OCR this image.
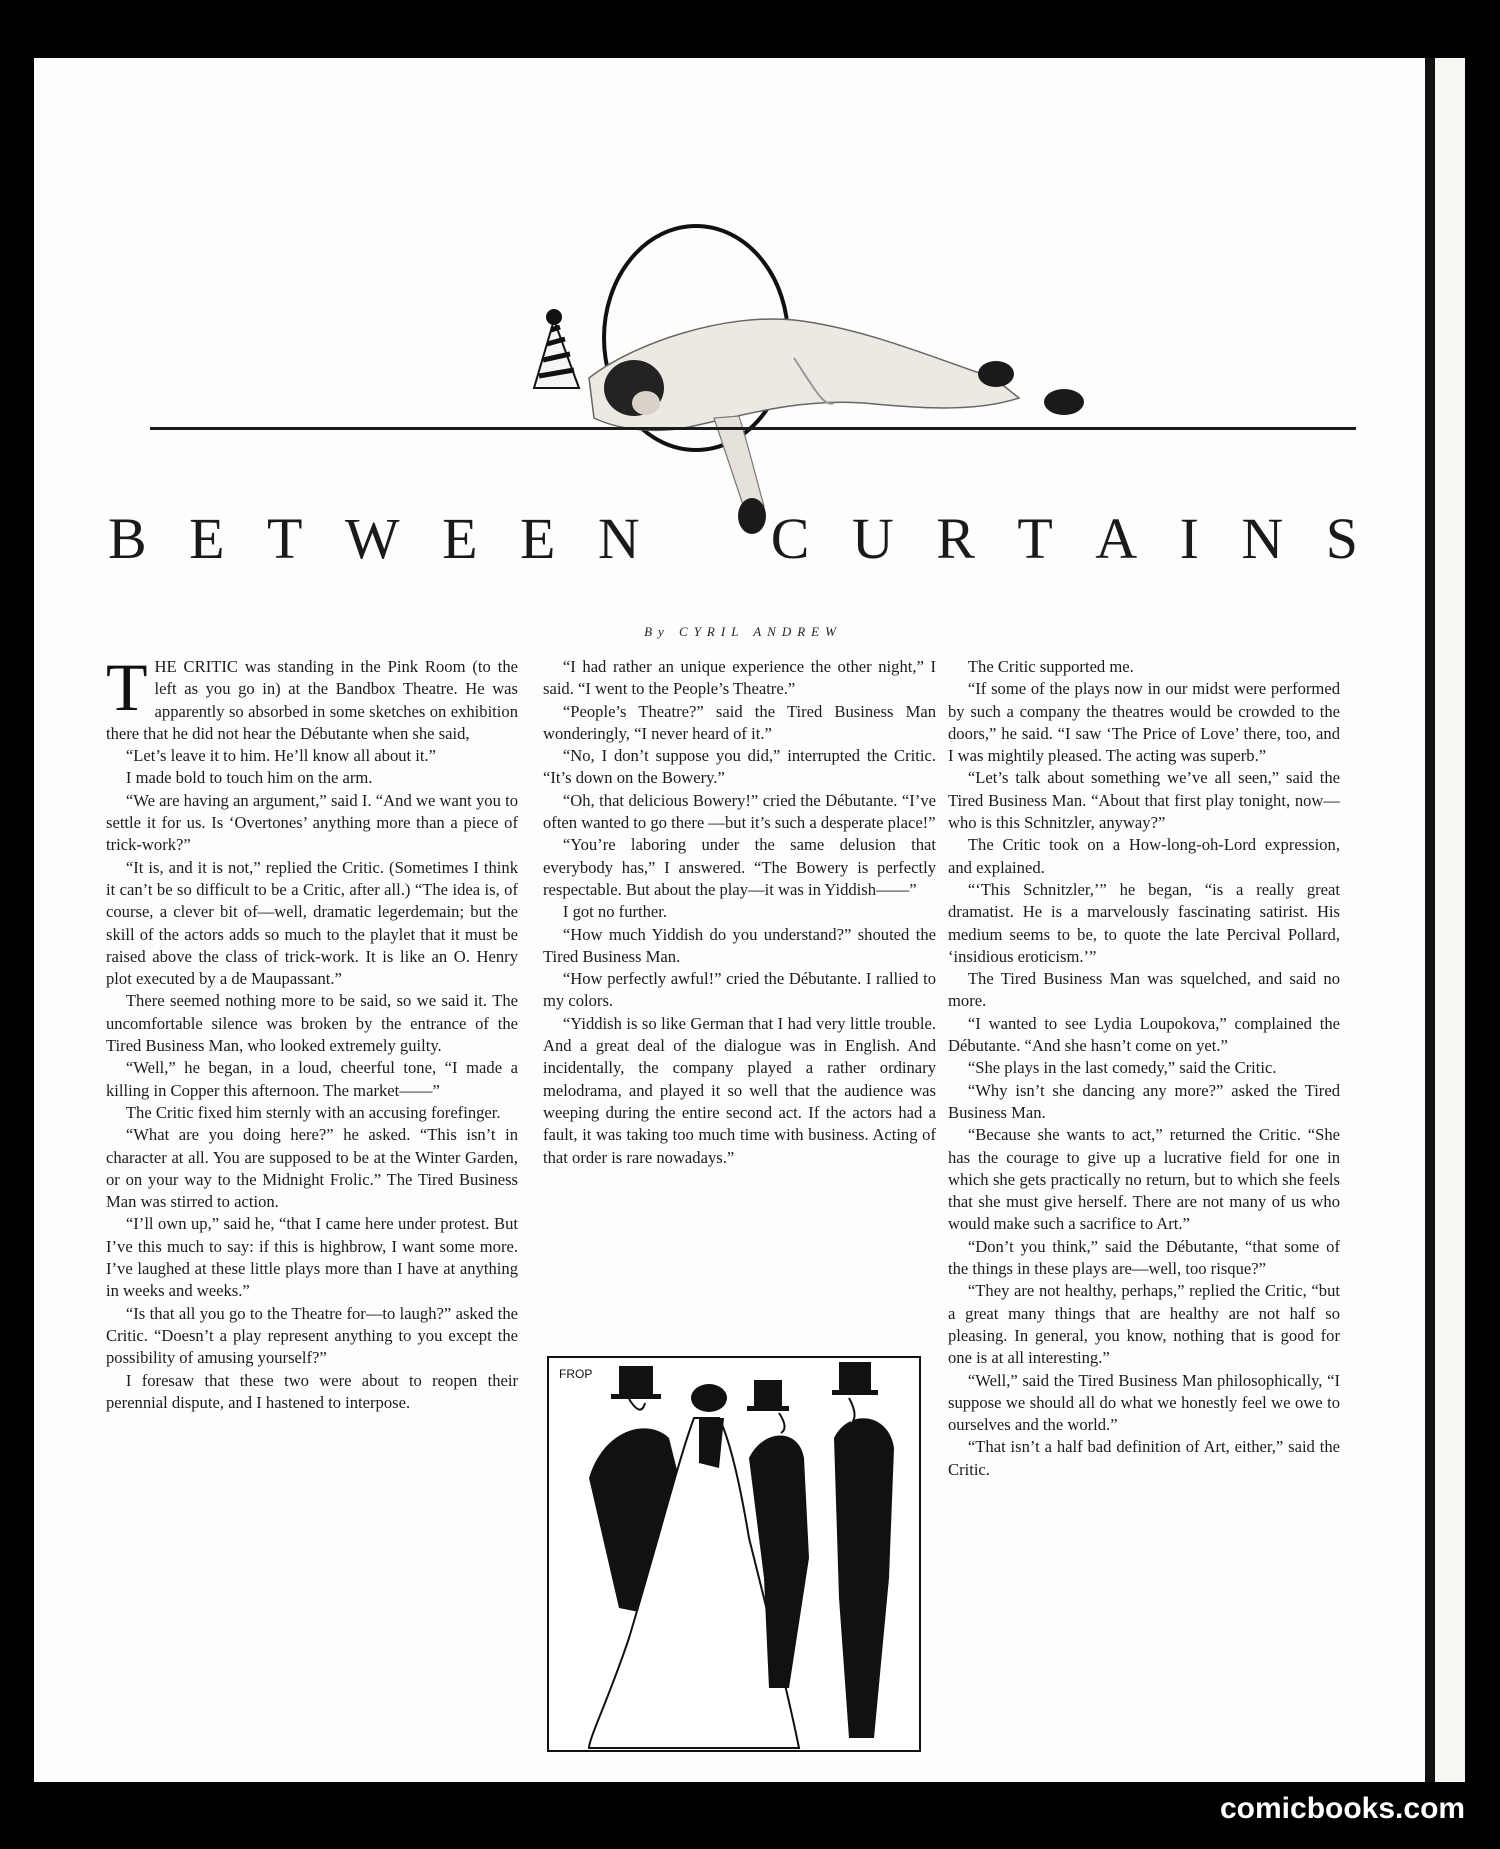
B E T W E E N C U R T A I N S
By CYRIL ANDREW

THE CRITIC was standing in the Pink Room (to the left as you go in) at the Bandbox Theatre. He was apparently so absorbed in some sketches on exhibition there that he did not hear the Débutante when she said,

“Let’s leave it to him. He’ll know all about it.”

I made bold to touch him on the arm.

“We are having an argument,” said I. “And we want you to settle it for us. Is ‘Overtones’ anything more than a piece of trick-work?”

“It is, and it is not,” replied the Critic. (Sometimes I think it can’t be so difficult to be a Critic, after all.) “The idea is, of course, a clever bit of—well, dramatic legerdemain; but the skill of the actors adds so much to the playlet that it must be raised above the class of trick-work. It is like an O. Henry plot executed by a de Maupassant.”

There seemed nothing more to be said, so we said it. The uncomfortable silence was broken by the entrance of the Tired Business Man, who looked extremely guilty.

“Well,” he began, in a loud, cheerful tone, “I made a killing in Copper this afternoon. The market——”

The Critic fixed him sternly with an accusing forefinger.

“What are you doing here?” he asked. “This isn’t in character at all. You are supposed to be at the Winter Garden, or on your way to the Midnight Frolic.” The Tired Business Man was stirred to action.

“I’ll own up,” said he, “that I came here under protest. But I’ve this much to say: if this is highbrow, I want some more. I’ve laughed at these little plays more than I have at anything in weeks and weeks.”

“Is that all you go to the Theatre for—to laugh?” asked the Critic. “Doesn’t a play represent anything to you except the possibility of amusing yourself?”

I foresaw that these two were about to reopen their perennial dispute, and I hastened to interpose.

“I had rather an unique experience the other night,” I said. “I went to the People’s Theatre.”

“People’s Theatre?” said the Tired Business Man wonderingly, “I never heard of it.”

“No, I don’t suppose you did,” interrupted the Critic. “It’s down on the Bowery.”

“Oh, that delicious Bowery!” cried the Débutante. “I’ve often wanted to go there —but it’s such a desperate place!”

“You’re laboring under the same delusion that everybody has,” I answered. “The Bowery is perfectly respectable. But about the play—it was in Yiddish——”

I got no further.

“How much Yiddish do you understand?” shouted the Tired Business Man.

“How perfectly awful!” cried the Débutante. I rallied to my colors.

“Yiddish is so like German that I had very little trouble. And a great deal of the dialogue was in English. And incidentally, the company played a rather ordinary melodrama, and played it so well that the audience was weeping during the entire second act. If the actors had a fault, it was taking too much time with business. Acting of that order is rare nowadays.”

The Critic supported me.

“If some of the plays now in our midst were performed by such a company the theatres would be crowded to the doors,” he said. “I saw ‘The Price of Love’ there, too, and I was mightily pleased. The acting was superb.”

“Let’s talk about something we’ve all seen,” said the Tired Business Man. “About that first play tonight, now—who is this Schnitzler, anyway?”

The Critic took on a How-long-oh-Lord expression, and explained.

“‘This Schnitzler,’” he began, “is a really great dramatist. He is a marvelously fascinating satirist. His medium seems to be, to quote the late Percival Pollard, ‘insidious eroticism.’”

The Tired Business Man was squelched, and said no more.

“I wanted to see Lydia Loupokova,” complained the Débutante. “And she hasn’t come on yet.”

“She plays in the last comedy,” said the Critic.

“Why isn’t she dancing any more?” asked the Tired Business Man.

“Because she wants to act,” returned the Critic. “She has the courage to give up a lucrative field for one in which she gets practically no return, but to which she feels that she must give herself. There are not many of us who would make such a sacrifice to Art.”

“Don’t you think,” said the Débutante, “that some of the things in these plays are—well, too risque?”

“They are not healthy, perhaps,” replied the Critic, “but a great many things that are healthy are not half so pleasing. In general, you know, nothing that is good for one is at all interesting.”

“Well,” said the Tired Business Man philosophically, “I suppose we should all do what we honestly feel we owe to ourselves and the world.”

“That isn’t a half bad definition of Art, either,” said the Critic.

FROP
comicbooks.com
